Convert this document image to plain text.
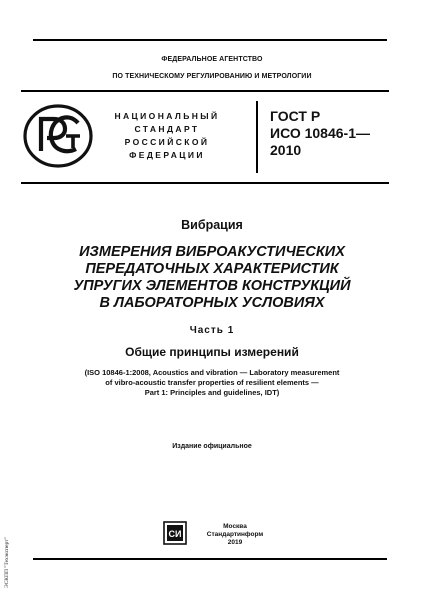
ФЕДЕРАЛЬНОЕ АГЕНТСТВО
ПО ТЕХНИЧЕСКОМУ РЕГУЛИРОВАНИЮ И МЕТРОЛОГИИ
НАЦИОНАЛЬНЫЙ
СТАНДАРТ
РОССИЙСКОЙ
ФЕДЕРАЦИИ
ГОСТ Р
ИСО 10846-1—
2010
Вибрация
ИЗМЕРЕНИЯ ВИБРОАКУСТИЧЕСКИХ
ПЕРЕДАТОЧНЫХ ХАРАКТЕРИСТИК
УПРУГИХ ЭЛЕМЕНТОВ КОНСТРУКЦИЙ
В ЛАБОРАТОРНЫХ УСЛОВИЯХ
Часть 1
Общие принципы измерений
(ISO 10846-1:2008, Acoustics and vibration — Laboratory measurement
of vibro-acoustic transfer properties of resilient elements —
Part 1: Principles and guidelines, IDT)
Издание официальное
СИ
Москва
Стандартинформ
2019
ЭСКПП "Техэксперт"
